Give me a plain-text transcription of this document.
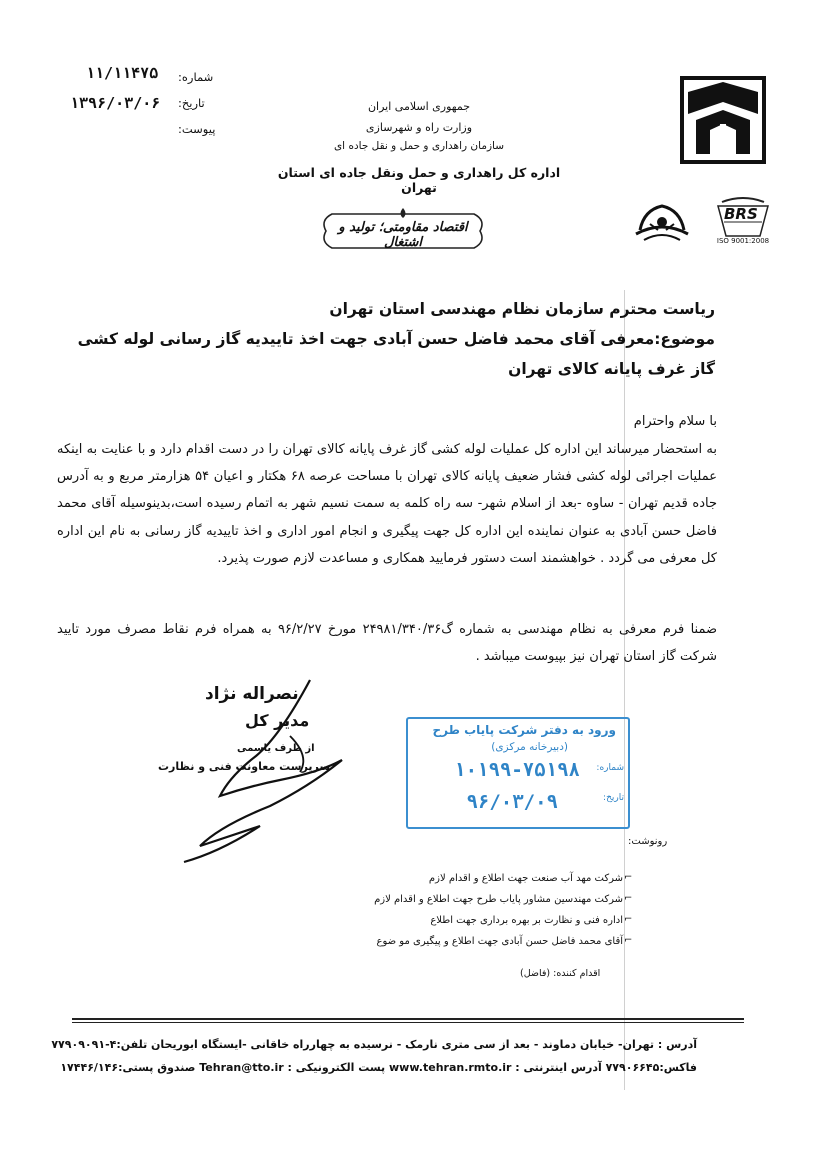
BRS
ISO 9001:2008
جمهوری اسلامی ایران
وزارت راه و شهرسازی
سازمان راهداری و حمل و نقل جاده ای
اداره کل راهداری و حمل ونقل جاده ای استان تهران
اقتصاد مقاومتی؛ تولید و اشتغال
شماره:
تاریخ:
پیوست:
۱۱/۱۱۴۷۵
۱۳۹۶/۰۳/۰۶
ریاست محترم سازمان نظام مهندسی استان تهران
موضوع:معرفی آقای محمد فاضل حسن آبادی جهت اخذ تاییدیه گاز رسانی لوله کشی
گاز غرف پایانه کالای تهران
با سلام واحترام
به استحضار میرساند این اداره کل عملیات لوله کشی گاز غرف پایانه کالای تهران را در دست اقدام دارد و با عنایت به اینکه عملیات اجرائی لوله کشی فشار ضعیف پایانه کالای تهران با مساحت عرصه ۶۸ هکتار و اعیان ۵۴ هزارمتر مربع و به آدرس جاده قدیم تهران - ساوه -بعد از اسلام شهر- سه راه کلمه به سمت نسیم شهر به اتمام رسیده است،بدینوسیله آقای محمد فاضل حسن آبادی به عنوان نماینده این اداره کل جهت پیگیری و انجام امور اداری و اخذ تاییدیه گاز رسانی به نام این اداره کل معرفی می گردد . خواهشمند است دستور فرمایید همکاری و مساعدت لازم صورت پذیرد.
ضمنا فرم معرفی به نظام مهندسی به شماره گ۲۴۹۸۱/۳۴۰/۳۶ مورخ ۹۶/۲/۲۷ به همراه فرم نقاط مصرف مورد تایید شرکت گاز استان تهران نیز بپیوست میباشد .
نصراله نژاد
مدیر کل
از طرف یاسمی
سرپرست معاونت فنی و نظارت
ورود به دفتر شرکت پایاب طرح
(دبیرخانه مرکزی)
شماره:
۱۰۱۹۹-۷۵۱۹۸
تاریخ:
۹۶/۰۳/۰۹
رونوشت:
⌐
⌐
⌐
⌐
شرکت مهد آب صنعت جهت اطلاع و اقدام لازم
شرکت مهندسین مشاور پایاب طرح جهت اطلاع و اقدام لازم
اداره فنی و نظارت بر بهره برداری جهت اطلاع
آقای محمد فاضل حسن آبادی جهت اطلاع و پیگیری مو ضوع
اقدام کننده: (فاضل)
آدرس : تهران- خیابان دماوند - بعد از سی متری نارمک - نرسیده به چهارراه خاقانی -ایستگاه ابوریحان تلفن:۴-۷۷۹۰۹۰۹۱
فاکس:۷۷۹۰۶۶۴۵ آدرس اینترنتی : www.tehran.rmto.ir پست الکترونیکی : Tehran@tto.ir صندوق پستی:۱۷۴۴۶/۱۴۶
